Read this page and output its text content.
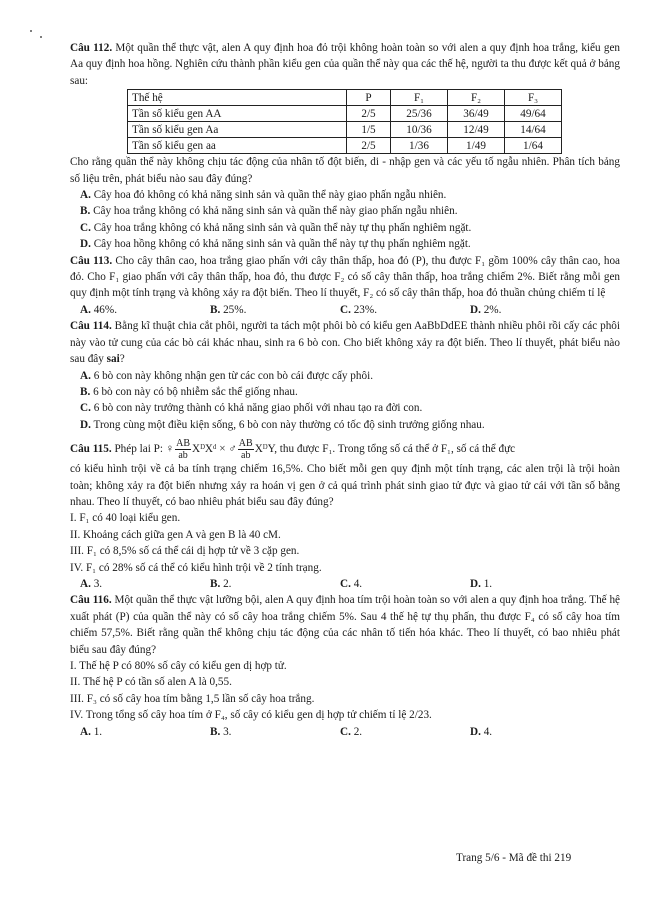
Câu 112. Một quần thể thực vật, alen A quy định hoa đỏ trội không hoàn toàn so với alen a quy định hoa trắng, kiểu gen Aa quy định hoa hồng. Nghiên cứu thành phần kiểu gen của quần thể này qua các thế hệ, người ta thu được kết quả ở bảng sau:

Thế hệ	P	F₁	F₂	F₃
Tần số kiểu gen AA	2/5	25/36	36/49	49/64
Tần số kiểu gen Aa	1/5	10/36	12/49	14/64
Tần số kiểu gen aa	2/5	1/36	1/49	1/64

Cho rằng quần thể này không chịu tác động của nhân tố đột biến, di - nhập gen và các yếu tố ngẫu nhiên. Phân tích bảng số liệu trên, phát biểu nào sau đây đúng?

A. Cây hoa đỏ không có khả năng sinh sản và quần thể này giao phấn ngẫu nhiên.

B. Cây hoa trắng không có khả năng sinh sản và quần thể này giao phấn ngẫu nhiên.

C. Cây hoa trắng không có khả năng sinh sản và quần thể này tự thụ phấn nghiêm ngặt.

D. Cây hoa hồng không có khả năng sinh sản và quần thể này tự thụ phấn nghiêm ngặt.

Câu 113. Cho cây thân cao, hoa trắng giao phấn với cây thân thấp, hoa đỏ (P), thu được F₁ gồm 100% cây thân cao, hoa đỏ. Cho F₁ giao phấn với cây thân thấp, hoa đỏ, thu được F₂ có số cây thân thấp, hoa trắng chiếm 2%. Biết rằng mỗi gen quy định một tính trạng và không xảy ra đột biến. Theo lí thuyết, F₂ có số cây thân thấp, hoa đỏ thuần chủng chiếm tỉ lệ

A. 46%.	B. 25%.	C. 23%.	D. 2%.

Câu 114. Bằng kĩ thuật chia cắt phôi, người ta tách một phôi bò có kiểu gen AaBbDdEE thành nhiều phôi rồi cấy các phôi này vào tử cung của các bò cái khác nhau, sinh ra 6 bò con. Cho biết không xảy ra đột biến. Theo lí thuyết, phát biểu nào sau đây sai?

A. 6 bò con này không nhận gen từ các con bò cái được cấy phôi.

B. 6 bò con này có bộ nhiễm sắc thể giống nhau.

C. 6 bò con này trưởng thành có khả năng giao phối với nhau tạo ra đời con.

D. Trong cùng một điều kiện sống, 6 bò con này thường có tốc độ sinh trưởng giống nhau.

Câu 115. Phép lai P: ♀ $\frac{AB}{ab}$ XᴰXᵈ × ♂ $\frac{AB}{ab}$ XᴰY, thu được F₁. Trong tổng số cá thể ở F₁, số cá thể đực

có kiểu hình trội về cả ba tính trạng chiếm 16,5%. Cho biết mỗi gen quy định một tính trạng, các alen trội là trội hoàn toàn; không xảy ra đột biến nhưng xảy ra hoán vị gen ở cả quá trình phát sinh giao tử đực và giao tử cái với tần số bằng nhau. Theo lí thuyết, có bao nhiêu phát biểu sau đây đúng?

I. F₁ có 40 loại kiểu gen.

II. Khoảng cách giữa gen A và gen B là 40 cM.

III. F₁ có 8,5% số cá thể cái dị hợp tử về 3 cặp gen.

IV. F₁ có 28% số cá thể có kiểu hình trội về 2 tính trạng.

A. 3.	B. 2.	C. 4.	D. 1.

Câu 116. Một quần thể thực vật lưỡng bội, alen A quy định hoa tím trội hoàn toàn so với alen a quy định hoa trắng. Thế hệ xuất phát (P) của quần thể này có số cây hoa trắng chiếm 5%. Sau 4 thế hệ tự thụ phấn, thu được F₄ có số cây hoa tím chiếm 57,5%. Biết rằng quần thể không chịu tác động của các nhân tố tiến hóa khác. Theo lí thuyết, có bao nhiêu phát biểu sau đây đúng?

I. Thế hệ P có 80% số cây có kiểu gen dị hợp tử.

II. Thế hệ P có tần số alen A là 0,55.

III. F₃ có số cây hoa tím bằng 1,5 lần số cây hoa trắng.

IV. Trong tổng số cây hoa tím ở F₄, số cây có kiểu gen dị hợp tử chiếm tỉ lệ 2/23.

A. 1.	B. 3.	C. 2.	D. 4.
Trang 5/6 - Mã đề thi 219
